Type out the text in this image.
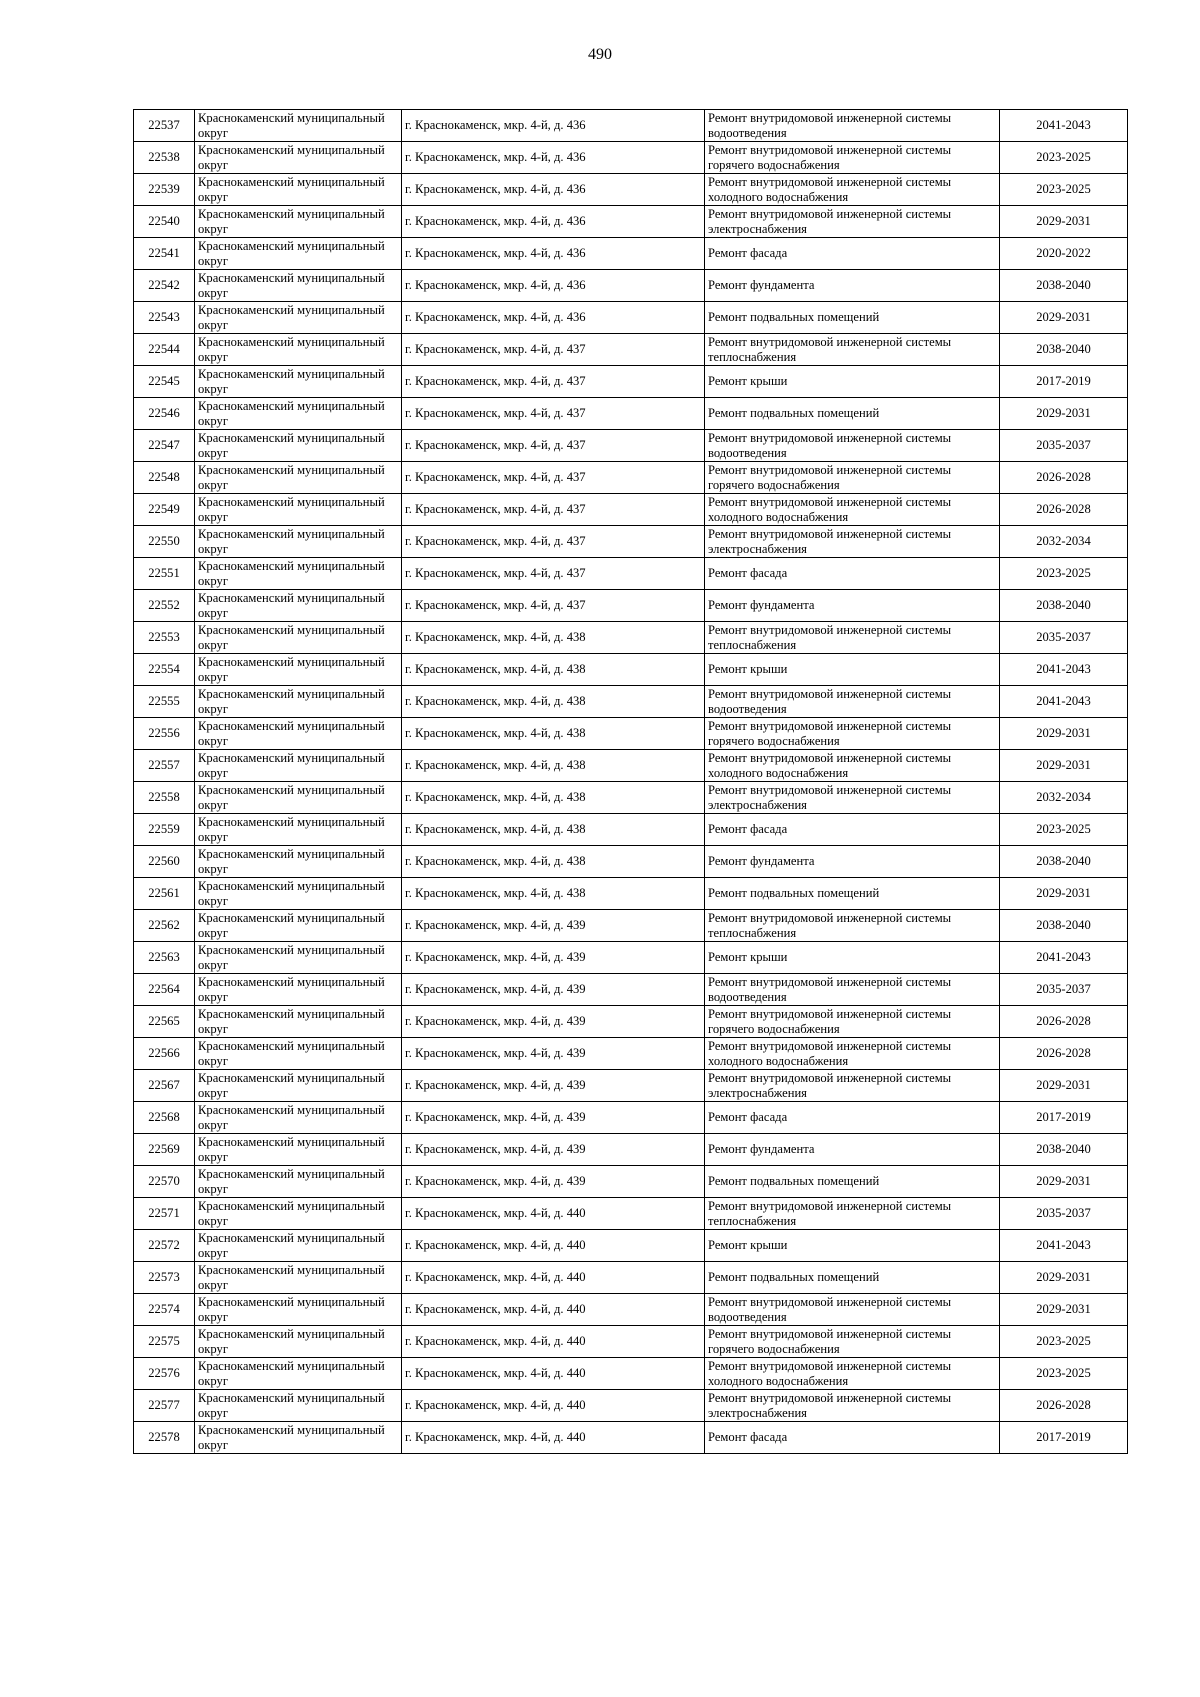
490
22537	Краснокаменский муниципальный округ	г. Краснокаменск, мкр. 4-й, д. 436	Ремонт внутридомовой инженерной системы водоотведения	2041-2043
22538	Краснокаменский муниципальный округ	г. Краснокаменск, мкр. 4-й, д. 436	Ремонт внутридомовой инженерной системы горячего водоснабжения	2023-2025
22539	Краснокаменский муниципальный округ	г. Краснокаменск, мкр. 4-й, д. 436	Ремонт внутридомовой инженерной системы холодного водоснабжения	2023-2025
22540	Краснокаменский муниципальный округ	г. Краснокаменск, мкр. 4-й, д. 436	Ремонт внутридомовой инженерной системы электроснабжения	2029-2031
22541	Краснокаменский муниципальный округ	г. Краснокаменск, мкр. 4-й, д. 436	Ремонт фасада	2020-2022
22542	Краснокаменский муниципальный округ	г. Краснокаменск, мкр. 4-й, д. 436	Ремонт фундамента	2038-2040
22543	Краснокаменский муниципальный округ	г. Краснокаменск, мкр. 4-й, д. 436	Ремонт подвальных помещений	2029-2031
22544	Краснокаменский муниципальный округ	г. Краснокаменск, мкр. 4-й, д. 437	Ремонт внутридомовой инженерной системы теплоснабжения	2038-2040
22545	Краснокаменский муниципальный округ	г. Краснокаменск, мкр. 4-й, д. 437	Ремонт крыши	2017-2019
22546	Краснокаменский муниципальный округ	г. Краснокаменск, мкр. 4-й, д. 437	Ремонт подвальных помещений	2029-2031
22547	Краснокаменский муниципальный округ	г. Краснокаменск, мкр. 4-й, д. 437	Ремонт внутридомовой инженерной системы водоотведения	2035-2037
22548	Краснокаменский муниципальный округ	г. Краснокаменск, мкр. 4-й, д. 437	Ремонт внутридомовой инженерной системы горячего водоснабжения	2026-2028
22549	Краснокаменский муниципальный округ	г. Краснокаменск, мкр. 4-й, д. 437	Ремонт внутридомовой инженерной системы холодного водоснабжения	2026-2028
22550	Краснокаменский муниципальный округ	г. Краснокаменск, мкр. 4-й, д. 437	Ремонт внутридомовой инженерной системы электроснабжения	2032-2034
22551	Краснокаменский муниципальный округ	г. Краснокаменск, мкр. 4-й, д. 437	Ремонт фасада	2023-2025
22552	Краснокаменский муниципальный округ	г. Краснокаменск, мкр. 4-й, д. 437	Ремонт фундамента	2038-2040
22553	Краснокаменский муниципальный округ	г. Краснокаменск, мкр. 4-й, д. 438	Ремонт внутридомовой инженерной системы теплоснабжения	2035-2037
22554	Краснокаменский муниципальный округ	г. Краснокаменск, мкр. 4-й, д. 438	Ремонт крыши	2041-2043
22555	Краснокаменский муниципальный округ	г. Краснокаменск, мкр. 4-й, д. 438	Ремонт внутридомовой инженерной системы водоотведения	2041-2043
22556	Краснокаменский муниципальный округ	г. Краснокаменск, мкр. 4-й, д. 438	Ремонт внутридомовой инженерной системы горячего водоснабжения	2029-2031
22557	Краснокаменский муниципальный округ	г. Краснокаменск, мкр. 4-й, д. 438	Ремонт внутридомовой инженерной системы холодного водоснабжения	2029-2031
22558	Краснокаменский муниципальный округ	г. Краснокаменск, мкр. 4-й, д. 438	Ремонт внутридомовой инженерной системы электроснабжения	2032-2034
22559	Краснокаменский муниципальный округ	г. Краснокаменск, мкр. 4-й, д. 438	Ремонт фасада	2023-2025
22560	Краснокаменский муниципальный округ	г. Краснокаменск, мкр. 4-й, д. 438	Ремонт фундамента	2038-2040
22561	Краснокаменский муниципальный округ	г. Краснокаменск, мкр. 4-й, д. 438	Ремонт подвальных помещений	2029-2031
22562	Краснокаменский муниципальный округ	г. Краснокаменск, мкр. 4-й, д. 439	Ремонт внутридомовой инженерной системы теплоснабжения	2038-2040
22563	Краснокаменский муниципальный округ	г. Краснокаменск, мкр. 4-й, д. 439	Ремонт крыши	2041-2043
22564	Краснокаменский муниципальный округ	г. Краснокаменск, мкр. 4-й, д. 439	Ремонт внутридомовой инженерной системы водоотведения	2035-2037
22565	Краснокаменский муниципальный округ	г. Краснокаменск, мкр. 4-й, д. 439	Ремонт внутридомовой инженерной системы горячего водоснабжения	2026-2028
22566	Краснокаменский муниципальный округ	г. Краснокаменск, мкр. 4-й, д. 439	Ремонт внутридомовой инженерной системы холодного водоснабжения	2026-2028
22567	Краснокаменский муниципальный округ	г. Краснокаменск, мкр. 4-й, д. 439	Ремонт внутридомовой инженерной системы электроснабжения	2029-2031
22568	Краснокаменский муниципальный округ	г. Краснокаменск, мкр. 4-й, д. 439	Ремонт фасада	2017-2019
22569	Краснокаменский муниципальный округ	г. Краснокаменск, мкр. 4-й, д. 439	Ремонт фундамента	2038-2040
22570	Краснокаменский муниципальный округ	г. Краснокаменск, мкр. 4-й, д. 439	Ремонт подвальных помещений	2029-2031
22571	Краснокаменский муниципальный округ	г. Краснокаменск, мкр. 4-й, д. 440	Ремонт внутридомовой инженерной системы теплоснабжения	2035-2037
22572	Краснокаменский муниципальный округ	г. Краснокаменск, мкр. 4-й, д. 440	Ремонт крыши	2041-2043
22573	Краснокаменский муниципальный округ	г. Краснокаменск, мкр. 4-й, д. 440	Ремонт подвальных помещений	2029-2031
22574	Краснокаменский муниципальный округ	г. Краснокаменск, мкр. 4-й, д. 440	Ремонт внутридомовой инженерной системы водоотведения	2029-2031
22575	Краснокаменский муниципальный округ	г. Краснокаменск, мкр. 4-й, д. 440	Ремонт внутридомовой инженерной системы горячего водоснабжения	2023-2025
22576	Краснокаменский муниципальный округ	г. Краснокаменск, мкр. 4-й, д. 440	Ремонт внутридомовой инженерной системы холодного водоснабжения	2023-2025
22577	Краснокаменский муниципальный округ	г. Краснокаменск, мкр. 4-й, д. 440	Ремонт внутридомовой инженерной системы электроснабжения	2026-2028
22578	Краснокаменский муниципальный округ	г. Краснокаменск, мкр. 4-й, д. 440	Ремонт фасада	2017-2019
